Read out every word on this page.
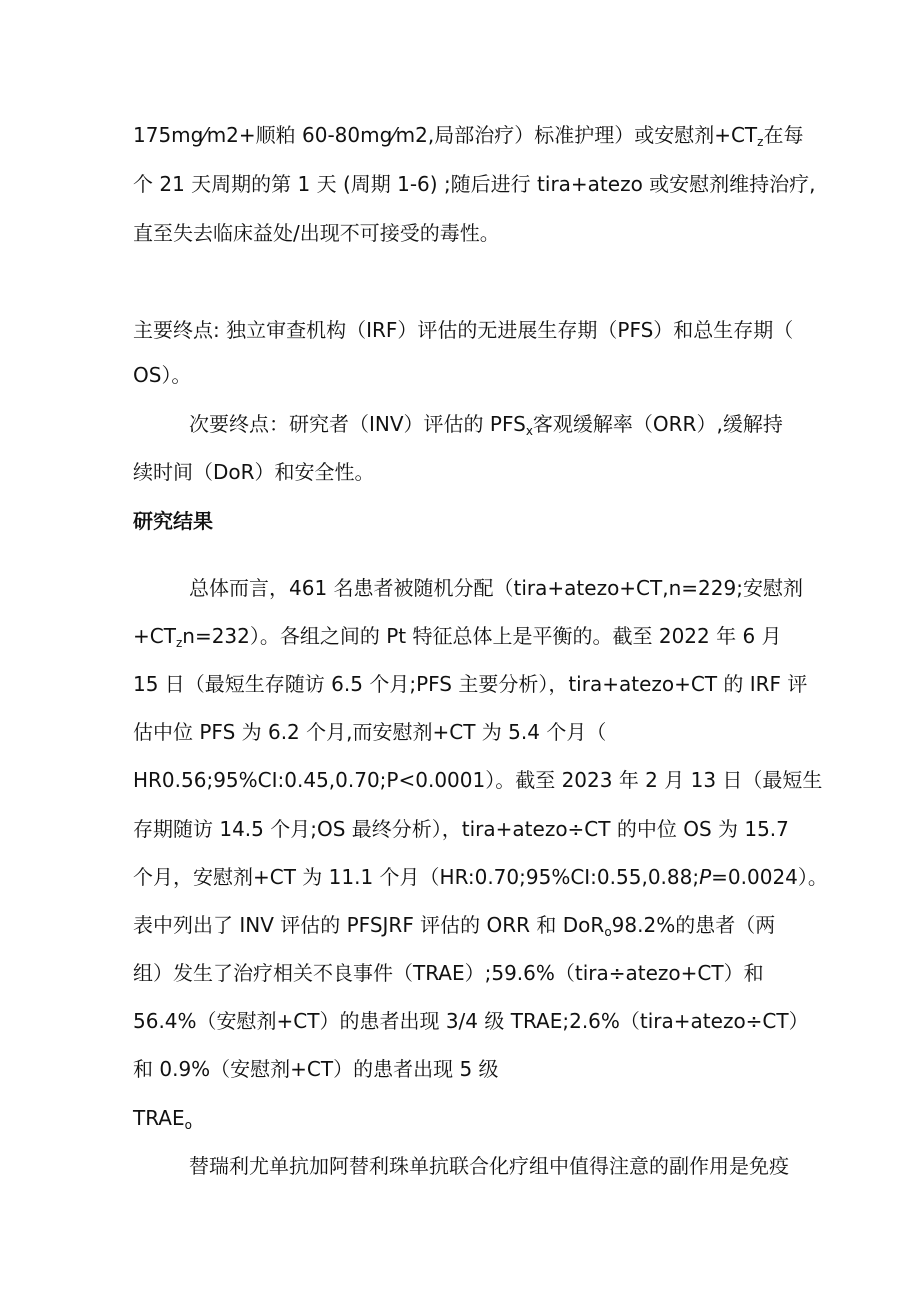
175mg⁄m2+顺粕 60-80mg⁄m2,局部治疗）标准护理）或安慰剂$+CT_z$在每
个 21 天周期的第 1 天 (周期 1-6) ;随后进行 tira+atezo 或安慰剂维持治疗,
直至失去临床益处/出现不可接受的毒性。
主要终点: 独立审查机构（IRF）评估的无进展生存期（PFS）和总生存期（
OS）。
次要终点：研究者（INV）评估的 $PFS_x$客观缓解率（ORR）,缓解持
续时间（DoR）和安全性。
研究结果
总体而言，461 名患者被随机分配（tira+atezo+CT,n=229;安慰剂
$+CT_zn=232$）。各组之间的 Pt 特征总体上是平衡的。截至 2022 年 6 月
15 日（最短生存随访 6.5 个月;PFS 主要分析），tira+atezo+CT 的 IRF 评
估中位 PFS 为 6.2 个月,而安慰剂+CT 为 5.4 个月（
HR0.56;95%CI:0.45,0.70;P<0.0001）。截至 2023 年 2 月 13 日（最短生
存期随访 14.5 个月;OS 最终分析），tira+atezo÷CT 的中位 OS 为 15.7
个月，安慰剂+CT 为 11.1 个月（HR:0.70;95%CI:0.55,0.88;P=0.0024）。
表中列出了 INV 评估的 PFSJRF 评估的 ORR 和 DoR$_o$98.2%的患者（两
组）发生了治疗相关不良事件（TRAE）;59.6%（tira÷atezo+CT）和
56.4%（安慰剂+CT）的患者出现 3/4 级 TRAE;2.6%（tira+atezo÷CT）
和 0.9%（安慰剂+CT）的患者出现 5 级
$TRAE_o$
替瑞利尤单抗加阿替利珠单抗联合化疗组中值得注意的副作用是免疫
